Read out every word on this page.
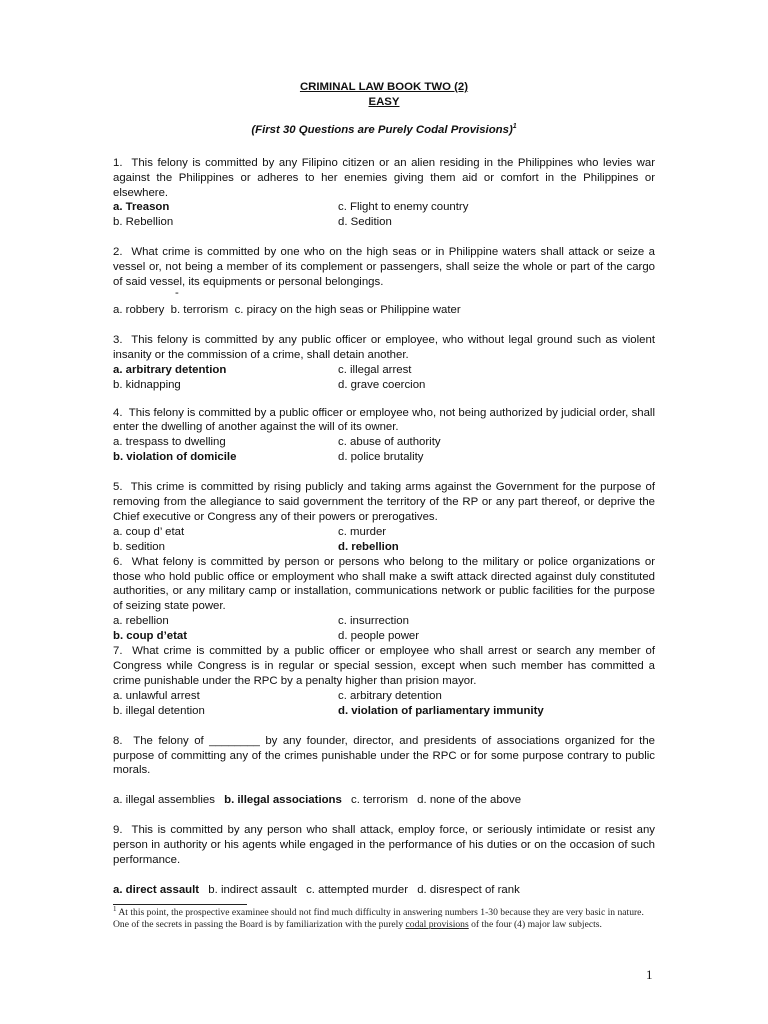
CRIMINAL LAW BOOK TWO (2)
EASY
(First 30 Questions are Purely Codal Provisions)$^1$
1. This felony is committed by any Filipino citizen or an alien residing in the Philippines who levies war against the Philippines or adheres to her enemies giving them aid or comfort in the Philippines or elsewhere.
a. Treason	c. Flight to enemy country
b. Rebellion	d. Sedition
2. What crime is committed by one who on the high seas or in Philippine waters shall attack or seize a vessel or, not being a member of its complement or passengers, shall seize the whole or part of the cargo of said vessel, its equipments or personal belongings.
-
a. robbery b. terrorism c. piracy on the high seas or Philippine water
3. This felony is committed by any public officer or employee, who without legal ground such as violent insanity or the commission of a crime, shall detain another.
a. arbitrary detention	c. illegal arrest
b. kidnapping	d. grave coercion
4. This felony is committed by a public officer or employee who, not being authorized by judicial order, shall enter the dwelling of another against the will of its owner.
a. trespass to dwelling	c. abuse of authority
b. violation of domicile	d. police brutality
5. This crime is committed by rising publicly and taking arms against the Government for the purpose of removing from the allegiance to said government the territory of the RP or any part thereof, or deprive the Chief executive or Congress any of their powers or prerogatives.
a. coup d’ etat	c. murder
b. sedition	d. rebellion
6. What felony is committed by person or persons who belong to the military or police organizations or those who hold public office or employment who shall make a swift attack directed against duly constituted authorities, or any military camp or installation, communications network or public facilities for the purpose of seizing state power.
a. rebellion	c. insurrection
b. coup d’etat	d. people power
7. What crime is committed by a public officer or employee who shall arrest or search any member of Congress while Congress is in regular or special session, except when such member has committed a crime punishable under the RPC by a penalty higher than prision mayor.
a. unlawful arrest	c. arbitrary detention
b. illegal detention	d. violation of parliamentary immunity
8. The felony of ________ by any founder, director, and presidents of associations organized for the purpose of committing any of the crimes punishable under the RPC or for some purpose contrary to public morals.
a. illegal assemblies b. illegal associations c. terrorism d. none of the above
9. This is committed by any person who shall attack, employ force, or seriously intimidate or resist any person in authority or his agents while engaged in the performance of his duties or on the occasion of such performance.
a. direct assault b. indirect assault c. attempted murder d. disrespect of rank
$^1$ At this point, the prospective examinee should not find much difficulty in answering numbers 1-30 because they are very basic in nature. One of the secrets in passing the Board is by familiarization with the purely codal provisions of the four (4) major law subjects.
1
